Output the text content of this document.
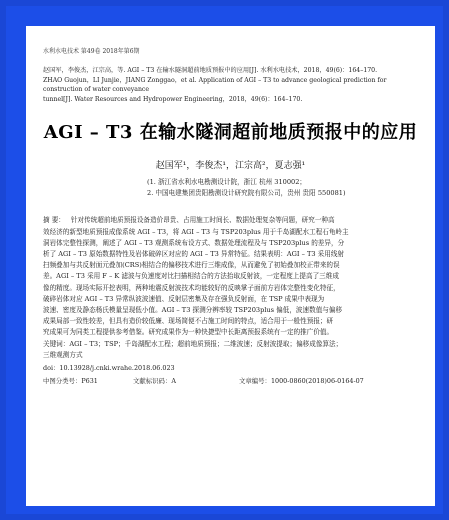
水利水电技术 第49卷 2018年第6期
赵国军，李俊杰，江宗高，等. AGI – T3 在输水隧洞超前地质预报中的应用[J]. 水利水电技术，2018，49(6)：164–170.
ZHAO Guojun，LI Junjie，JIANG Zonggao，et al. Application of AGI – T3 to advance geological prediction for construction of water conveyance
tunnel[J]. Water Resources and Hydropower Engineering，2018，49(6)：164–170.
AGI – T3 在输水隧洞超前地质预报中的应用
赵国军¹，李俊杰¹，江宗高²，夏志强¹
(1. 浙江省水利水电勘测设计院，浙江 杭州 310002；
2. 中国电建集团贵阳勘测设计研究院有限公司，贵州 贵阳 550081)
摘 要： 针对传统超前地质预报设备造价昂贵、占用施工时间长、数据处理复杂等问题，研究一种高
效经济的新型地质预报成像系统 AGI – T3，将 AGI – T3 与 TSP203plus 用于千岛湖配水工程石龟岭主
洞岩体完整性探测，阐述了 AGI – T3 观测系统布设方式、数据处理流程及与 TSP203plus 的差异，分
析了 AGI – T3 原始数据特性及岩体破碎区对应的 AGI – T3 异常特征。结果表明：AGI – T3 采用线射
扫频叠加与共反射面元叠加(CRS)相结合的偏移技术进行三维成像，从而避免了初始叠加校正带来的误
差。AGI – T3 采用 F – K 滤波与负速度对比扫描相结合的方法抬取反射波，一定程度上提高了三维成
像的精度。现场实际开挖表明，两种地震反射波技术均能较好的反映掌子面前方岩体完整性变化特征，
破碎岩体对应 AGI – T3 异常纵波波速值、反射层密集及存在强负反射面，在 TSP 成果中表现为
波速、密度及静态杨氏模量呈现低小值。AGI – T3 探测分辨率较 TSP203plus 偏低，波速数值与偏移
成果局部一致性较差，但具有造价较低廉、现场简便不占施工时间的特点，适合用于一般性预报；研
究成果可为同类工程提供参考借鉴。研究成果作为一种快捷型中长距离预报系统有一定的推广价值。
关键词：AGI – T3；TSP；千岛湖配水工程；超前地质预报；二维波速；反射波提取；偏移成像算法；
三维观测方式
doi：10.13928/j.cnki.wrahe.2018.06.023
中图分类号：P631	文献标识码：A	文章编号：1000-0860(2018)06-0164-07
